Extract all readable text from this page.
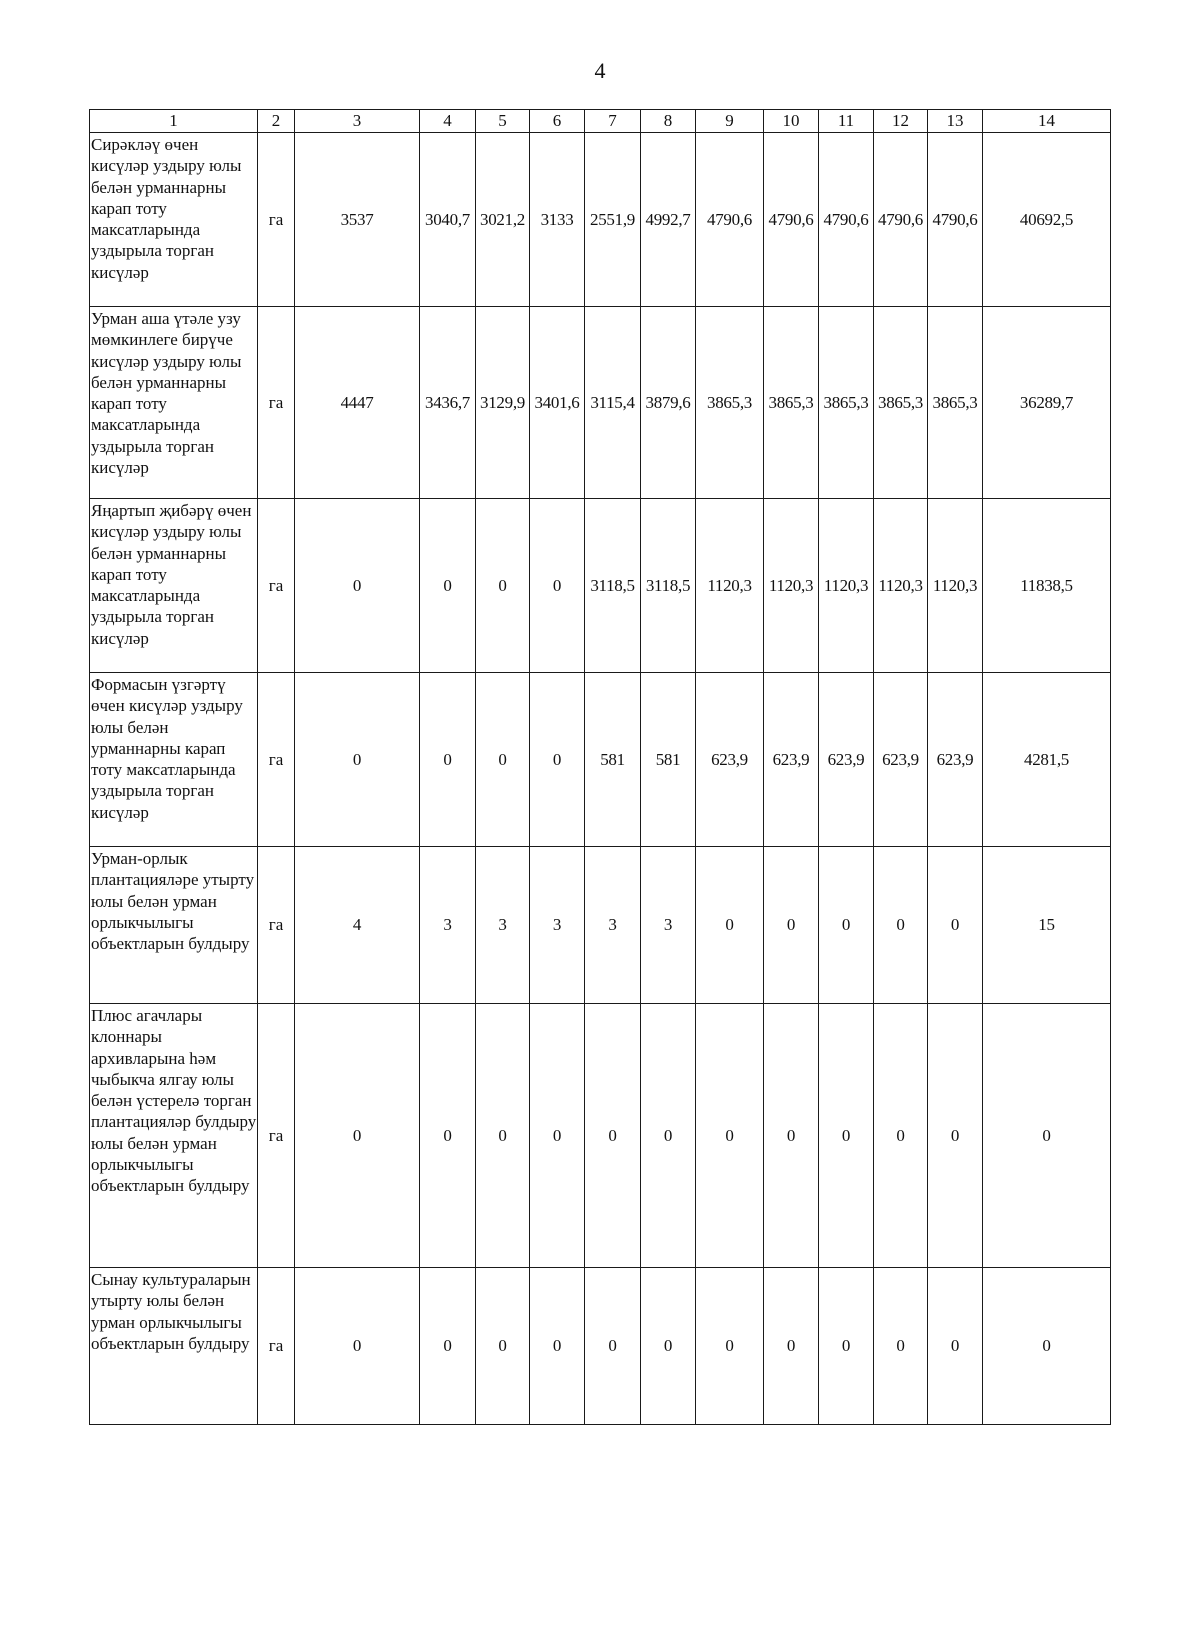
4
1	2	3	4	5	6	7	8	9	10	11	12	13	14
Сирәкләү өчен кисүләр уздыру юлы белән урманнарны карап тоту максатларында уздырыла торган кисүләр	га	3537	3040,7	3021,2	3133	2551,9	4992,7	4790,6	4790,6	4790,6	4790,6	4790,6	40692,5
Урман аша үтәле узу мөмкинлеге бирүче кисүләр уздыру юлы белән урманнарны карап тоту максатларында уздырыла торган кисүләр	га	4447	3436,7	3129,9	3401,6	3115,4	3879,6	3865,3	3865,3	3865,3	3865,3	3865,3	36289,7
Яңартып җибәрү өчен кисүләр уздыру юлы белән урманнарны карап тоту максатларында уздырыла торган кисүләр	га	0	0	0	0	3118,5	3118,5	1120,3	1120,3	1120,3	1120,3	1120,3	11838,5
Формасын үзгәртү өчен кисүләр уздыру юлы белән урманнарны карап тоту максатларында уздырыла торган кисүләр	га	0	0	0	0	581	581	623,9	623,9	623,9	623,9	623,9	4281,5
Урман-орлык плантацияләре утырту юлы белән урман орлыкчылыгы объектларын булдыру	га	4	3	3	3	3	3	0	0	0	0	0	15
Плюс агачлары клоннары архивларына һәм чыбыкча ялгау юлы белән үстерелә торган плантацияләр булдыру юлы белән урман орлыкчылыгы объектларын булдыру	га	0	0	0	0	0	0	0	0	0	0	0	0
Сынау культураларын утырту юлы белән урман орлыкчылыгы объектларын булдыру	га	0	0	0	0	0	0	0	0	0	0	0	0
